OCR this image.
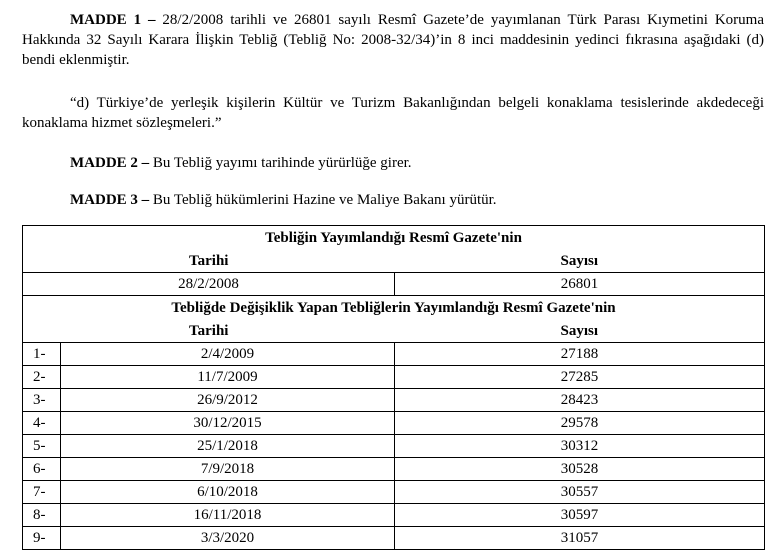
MADDE 1 – 28/2/2008 tarihli ve 26801 sayılı Resmî Gazete’de yayımlanan Türk Parası Kıymetini Koruma Hakkında 32 Sayılı Karara İlişkin Tebliğ (Tebliğ No: 2008-32/34)’in 8 inci maddesinin yedinci fıkrasına aşağıdaki (d) bendi eklenmiştir.

“d) Türkiye’de yerleşik kişilerin Kültür ve Turizm Bakanlığından belgeli konaklama tesislerinde akdedeceği konaklama hizmet sözleşmeleri.”

MADDE 2 – Bu Tebliğ yayımı tarihinde yürürlüğe girer.

MADDE 3 – Bu Tebliğ hükümlerini Hazine ve Maliye Bakanı yürütür.

Tebliğin Yayımlandığı Resmî Gazete'nin		
Tarihi		Sayısı
28/2/2008		26801
Tebliğde Değişiklik Yapan Tebliğlerin Yayımlandığı Resmî Gazete'nin		
Tarihi		Sayısı
1-	2/4/2009	27188
2-	11/7/2009	27285
3-	26/9/2012	28423
4-	30/12/2015	29578
5-	25/1/2018	30312
6-	7/9/2018	30528
7-	6/10/2018	30557
8-	16/11/2018	30597
9-	3/3/2020	31057
